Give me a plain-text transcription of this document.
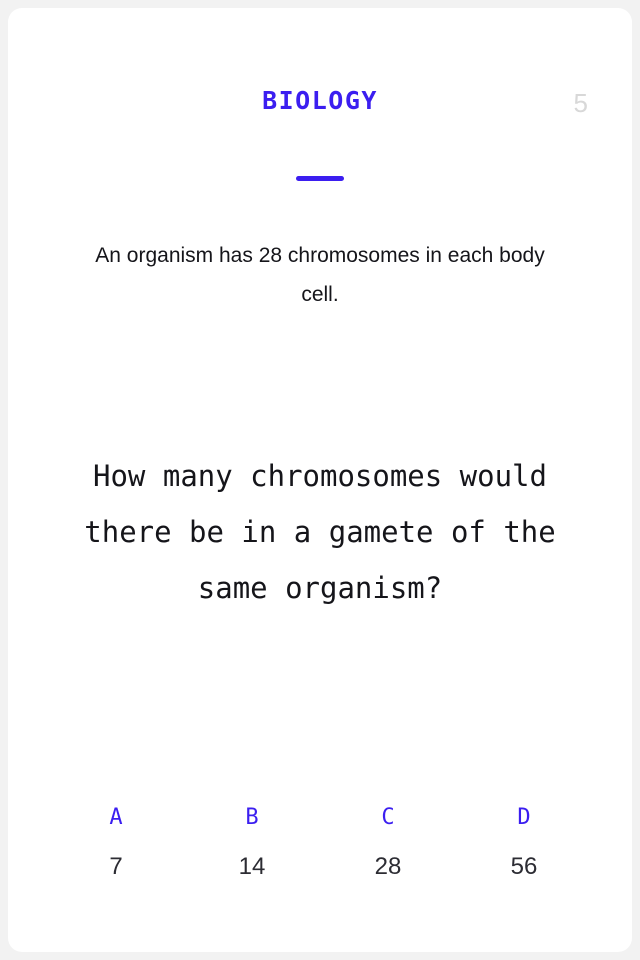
BIOLOGY	5
An organism has 28 chromosomes in each body cell.
How many chromosomes would there be in a gamete of the same organism?
A
7
B
14
C
28
D
56
